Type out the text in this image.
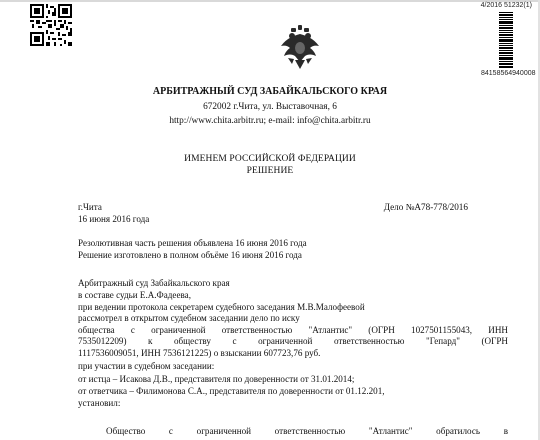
4/2016 51232(1)
84158564940008
АРБИТРАЖНЫЙ СУД ЗАБАЙКАЛЬСКОГО КРАЯ
672002 г.Чита, ул. Выставочная, 6
http://www.chita.arbitr.ru; e-mail: info@chita.arbitr.ru
ИМЕНЕМ РОССИЙСКОЙ ФЕДЕРАЦИИ
РЕШЕНИЕ
г.Чита	Дело №А78-778/2016
16 июня 2016 года
Резолютивная часть решения объявлена 16 июня 2016 года
Решение изготовлено в полном объёме 16 июня 2016 года
Арбитражный суд Забайкальского края
в составе судьи Е.А.Фадеева,
при ведении протокола секретарем судебного заседания М.В.Малофеевой
рассмотрел в открытом судебном заседании дело по иску
общества с ограниченной ответственностью "Атлантис" (ОГРН 1027501155043, ИНН
7535012209) к обществу с ограниченной ответственностью "Гепард" (ОГРН
1117536009051, ИНН 7536121225) о взыскании 607723,76 руб.
при участии в судебном заседании:
от истца – Исакова Д.В., представителя по доверенности от 31.01.2014;
от ответчика – Филимонова С.А., представителя по доверенности от 01.12.201,
установил:
Общество с ограниченной ответственностью "Атлантис" обратилось в
